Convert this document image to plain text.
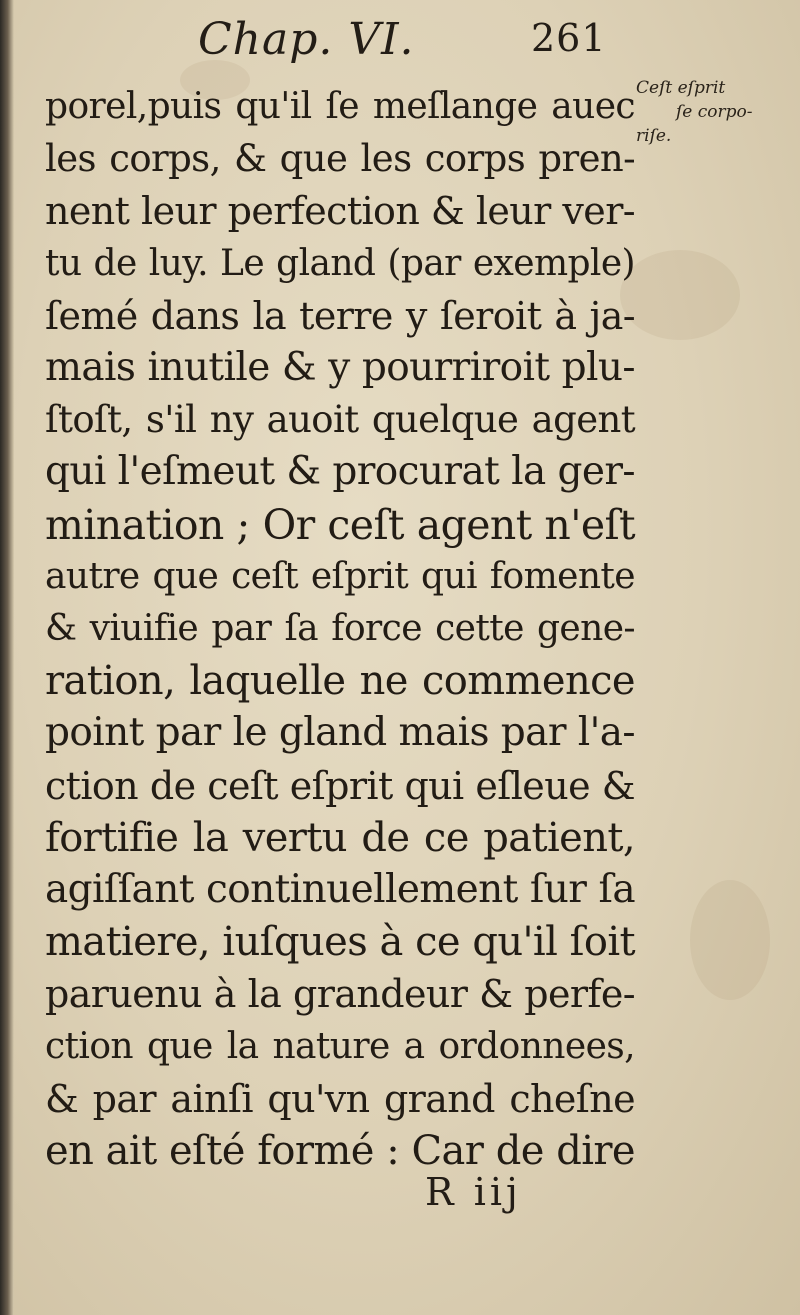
Chap. VI.	261
porel,puis qu'il ſe meſlange auec
les corps, & que les corps pren-
nent leur perfection & leur ver-
tu de luy. Le gland (par exemple)
ſemé dans la terre y ſeroit à ja-
mais inutile & y pourriroit plu-
ſtoſt, s'il ny auoit quelque agent
qui l'eſmeut & procurat la ger-
mination ; Or ceſt agent n'eſt
autre que ceſt eſprit qui fomente
& viuifie par ſa force cette gene-
ration, laquelle ne commence
point par le gland mais par l'a-
ction de ceſt eſprit qui eſleue &
fortifie la vertu de ce patient,
agiſſant continuellement ſur ſa
matiere, iuſques à ce qu'il ſoit
paruenu à la grandeur & perfe-
ction que la nature a ordonnees,
& par ainſi qu'vn grand cheſne
en ait eſté formé : Car de dire
R iij
Ceſt eſprit
ſe corpo-
riſe.
